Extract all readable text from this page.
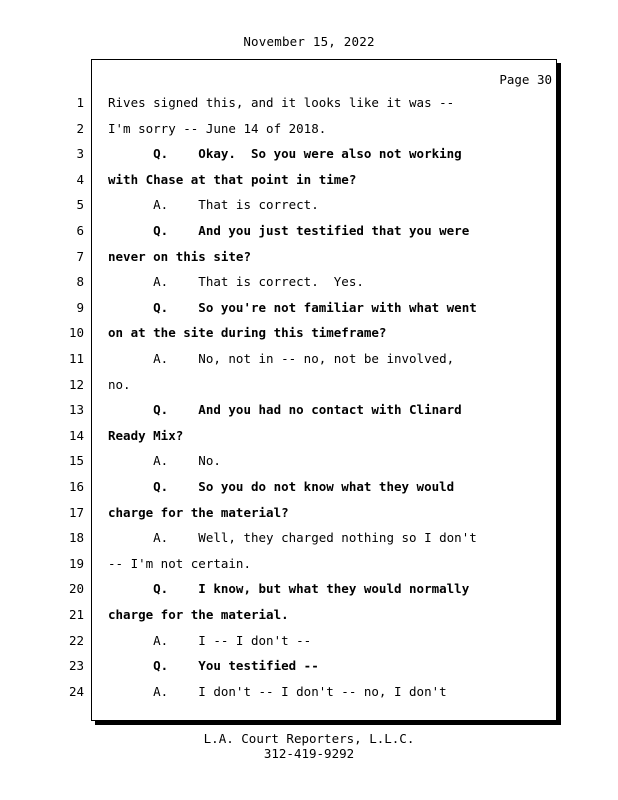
November 15, 2022
Page 30
1 Rives signed this, and it looks like it was --
2 I'm sorry -- June 14 of 2018.
3 Q.    Okay.  So you were also not working
4 with Chase at that point in time?
5 A.    That is correct.
6 Q.    And you just testified that you were
7 never on this site?
8 A.    That is correct.  Yes.
9 Q.    So you're not familiar with what went
10 on at the site during this timeframe?
11 A.    No, not in -- no, not be involved,
12 no.
13 Q.    And you had no contact with Clinard
14 Ready Mix?
15 A.    No.
16 Q.    So you do not know what they would
17 charge for the material?
18 A.    Well, they charged nothing so I don't
19 -- I'm not certain.
20 Q.    I know, but what they would normally
21 charge for the material.
22 A.    I -- I don't --
23 Q.    You testified --
24 A.    I don't -- I don't -- no, I don't
L.A. Court Reporters, L.L.C.
312-419-9292
